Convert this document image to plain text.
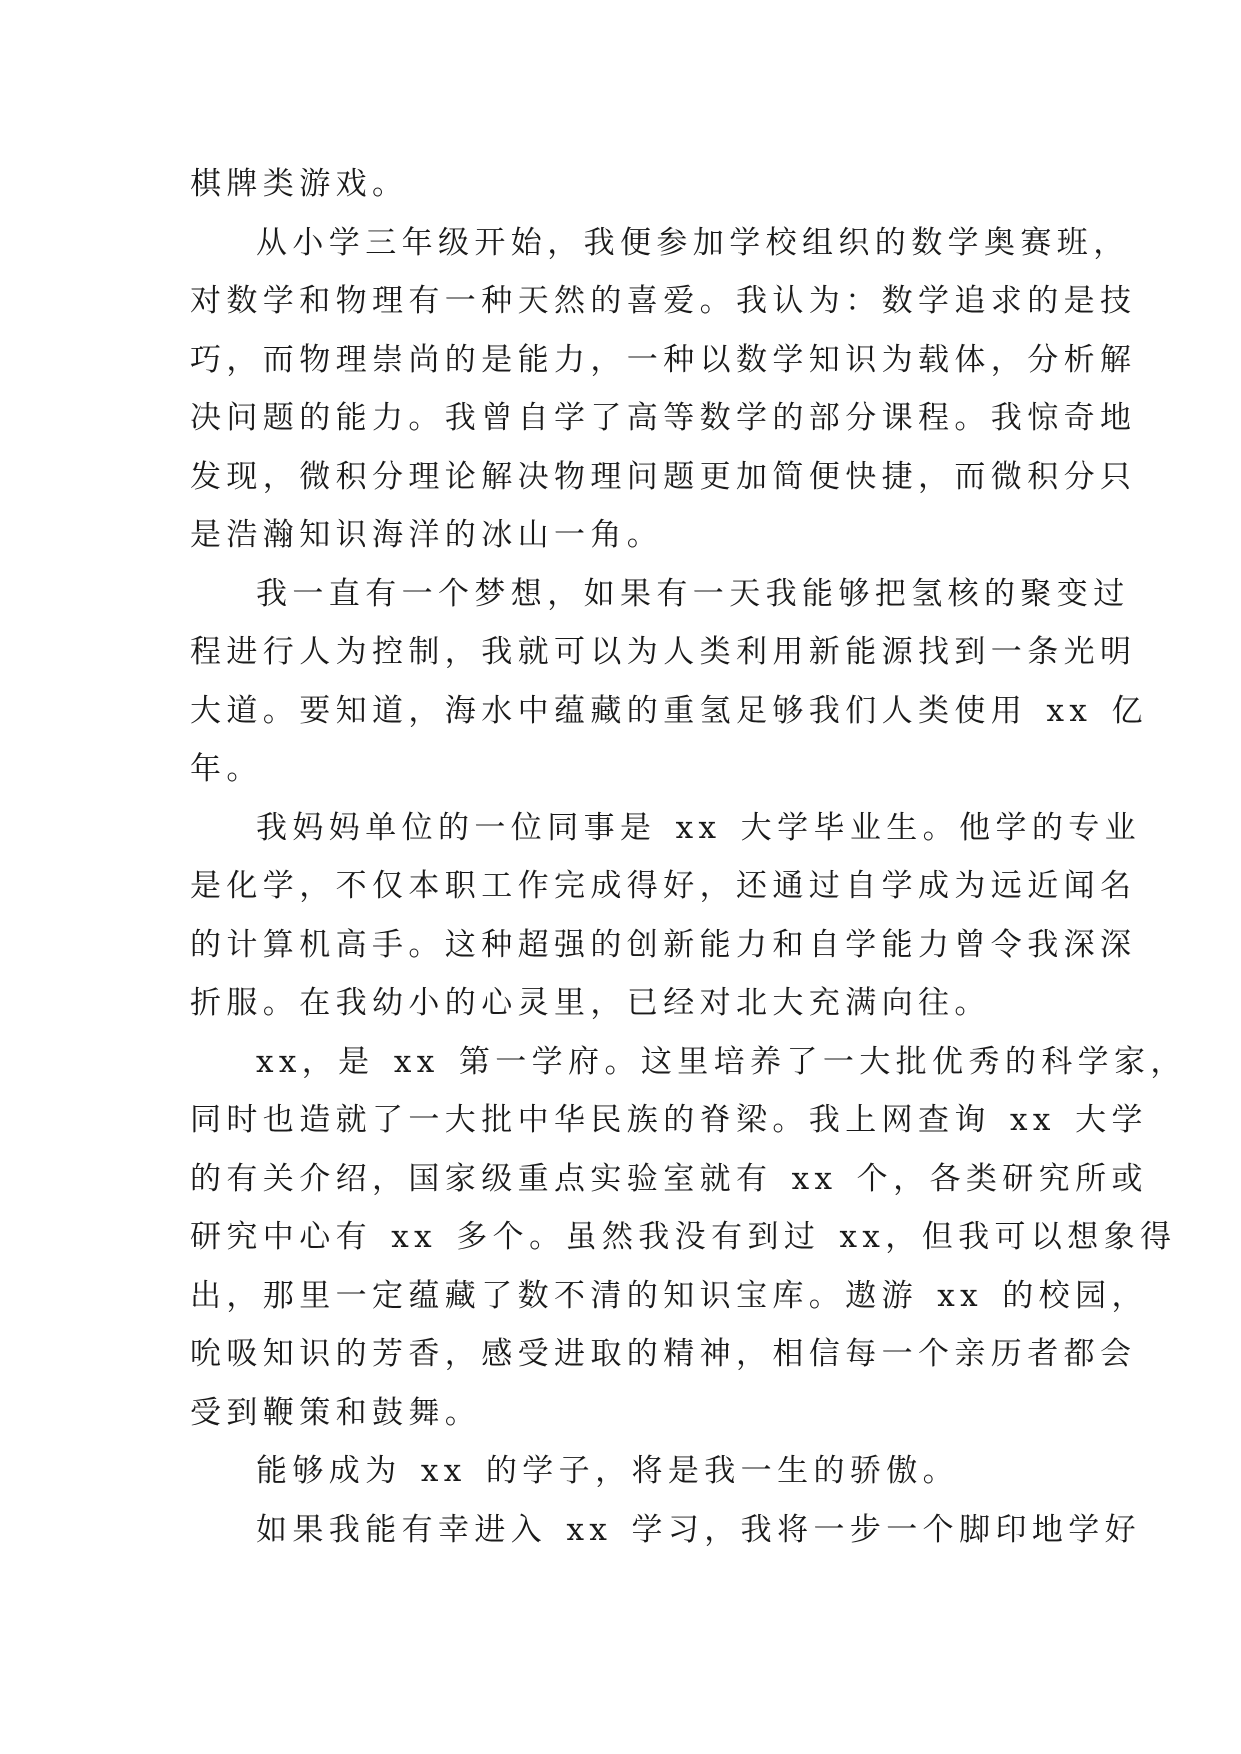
棋牌类游戏。
从小学三年级开始，我便参加学校组织的数学奥赛班，
对数学和物理有一种天然的喜爱。我认为：数学追求的是技
巧，而物理崇尚的是能力，一种以数学知识为载体，分析解
决问题的能力。我曾自学了高等数学的部分课程。我惊奇地
发现，微积分理论解决物理问题更加简便快捷，而微积分只
是浩瀚知识海洋的冰山一角。
我一直有一个梦想，如果有一天我能够把氢核的聚变过
程进行人为控制，我就可以为人类利用新能源找到一条光明
大道。要知道，海水中蕴藏的重氢足够我们人类使用 xx 亿
年。
我妈妈单位的一位同事是 xx 大学毕业生。他学的专业
是化学，不仅本职工作完成得好，还通过自学成为远近闻名
的计算机高手。这种超强的创新能力和自学能力曾令我深深
折服。在我幼小的心灵里，已经对北大充满向往。
xx，是 xx 第一学府。这里培养了一大批优秀的科学家，
同时也造就了一大批中华民族的脊梁。我上网查询 xx 大学
的有关介绍，国家级重点实验室就有 xx 个，各类研究所或
研究中心有 xx 多个。虽然我没有到过 xx，但我可以想象得
出，那里一定蕴藏了数不清的知识宝库。遨游 xx 的校园，
吮吸知识的芳香，感受进取的精神，相信每一个亲历者都会
受到鞭策和鼓舞。
能够成为 xx 的学子，将是我一生的骄傲。
如果我能有幸进入 xx 学习，我将一步一个脚印地学好
